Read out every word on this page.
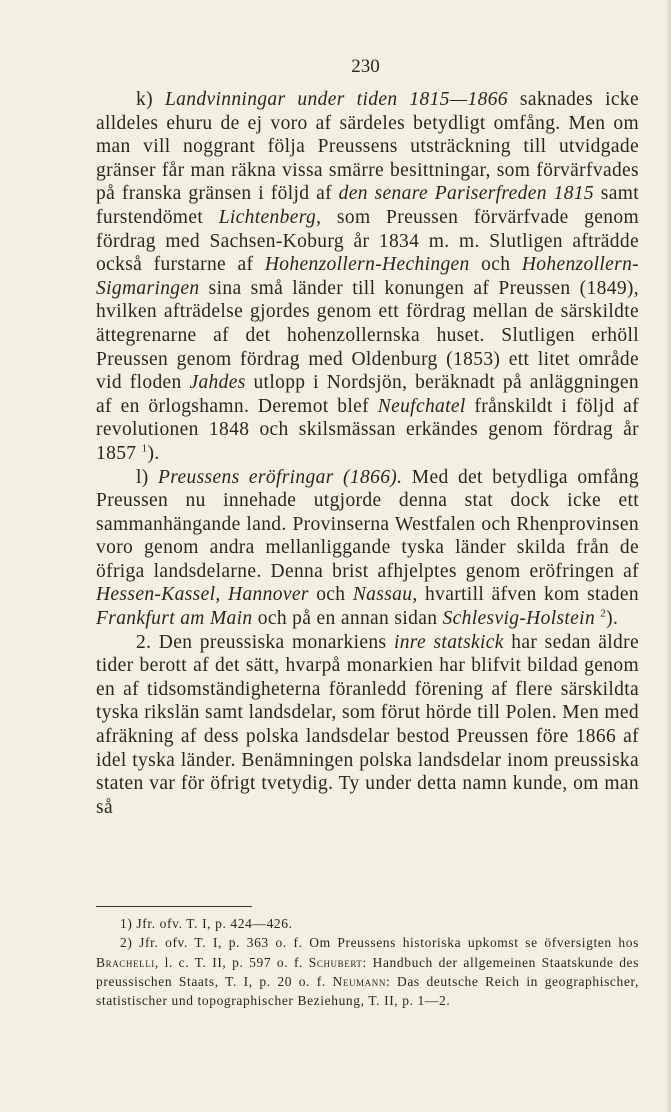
230

k) Landvinningar under tiden 1815—1866 saknades icke alldeles ehuru de ej voro af särdeles betydligt omfång. Men om man vill noggrant följa Preussens utsträckning till utvidgade gränser får man räkna vissa smärre besittningar, som förvärfvades på franska gränsen i följd af den senare Pariserfreden 1815 samt furstendömet Lichtenberg, som Preussen förvärfvade genom fördrag med Sachsen-Koburg år 1834 m. m. Slutligen afträdde också furstarne af Hohenzollern-Hechingen och Hohenzollern-Sigmaringen sina små länder till konungen af Preussen (1849), hvilken afträdelse gjordes genom ett fördrag mellan de särskildte ättegrenarne af det hohenzollernska huset. Slutligen erhöll Preussen genom fördrag med Oldenburg (1853) ett litet område vid floden Jahdes utlopp i Nordsjön, beräknadt på anläggningen af en örlogshamn. Deremot blef Neufchatel frånskildt i följd af revolutionen 1848 och skilsmässan erkändes genom fördrag år 1857 $^1$).

l) Preussens eröfringar (1866). Med det betydliga omfång Preussen nu innehade utgjorde denna stat dock icke ett sammanhängande land. Provinserna Westfalen och Rhenprovinsen voro genom andra mellanliggande tyska länder skilda från de öfriga landsdelarne. Denna brist afhjelptes genom eröfringen af Hessen-Kassel, Hannover och Nassau, hvartill äfven kom staden Frankfurt am Main och på en annan sidan Schlesvig-Holstein $^2$).

2. Den preussiska monarkiens inre statskick har sedan äldre tider berott af det sätt, hvarpå monarkien har blifvit bildad genom en af tidsomständigheterna föranledd förening af flere särskildta tyska rikslän samt landsdelar, som förut hörde till Polen. Men med afräkning af dess polska landsdelar bestod Preussen före 1866 af idel tyska länder. Benämningen polska landsdelar inom preussiska staten var för öfrigt tvetydig. Ty under detta namn kunde, om man så

1) Jfr. ofv. T. I, p. 424—426.

2) Jfr. ofv. T. I, p. 363 o. f. Om Preussens historiska upkomst se öfversigten hos Brachelli, l. c. T. II, p. 597 o. f. Schubert: Handbuch der allgemeinen Staatskunde des preussischen Staats, T. I, p. 20 o. f. Neumann: Das deutsche Reich in geographischer, statistischer und topographischer Beziehung, T. II, p. 1—2.
